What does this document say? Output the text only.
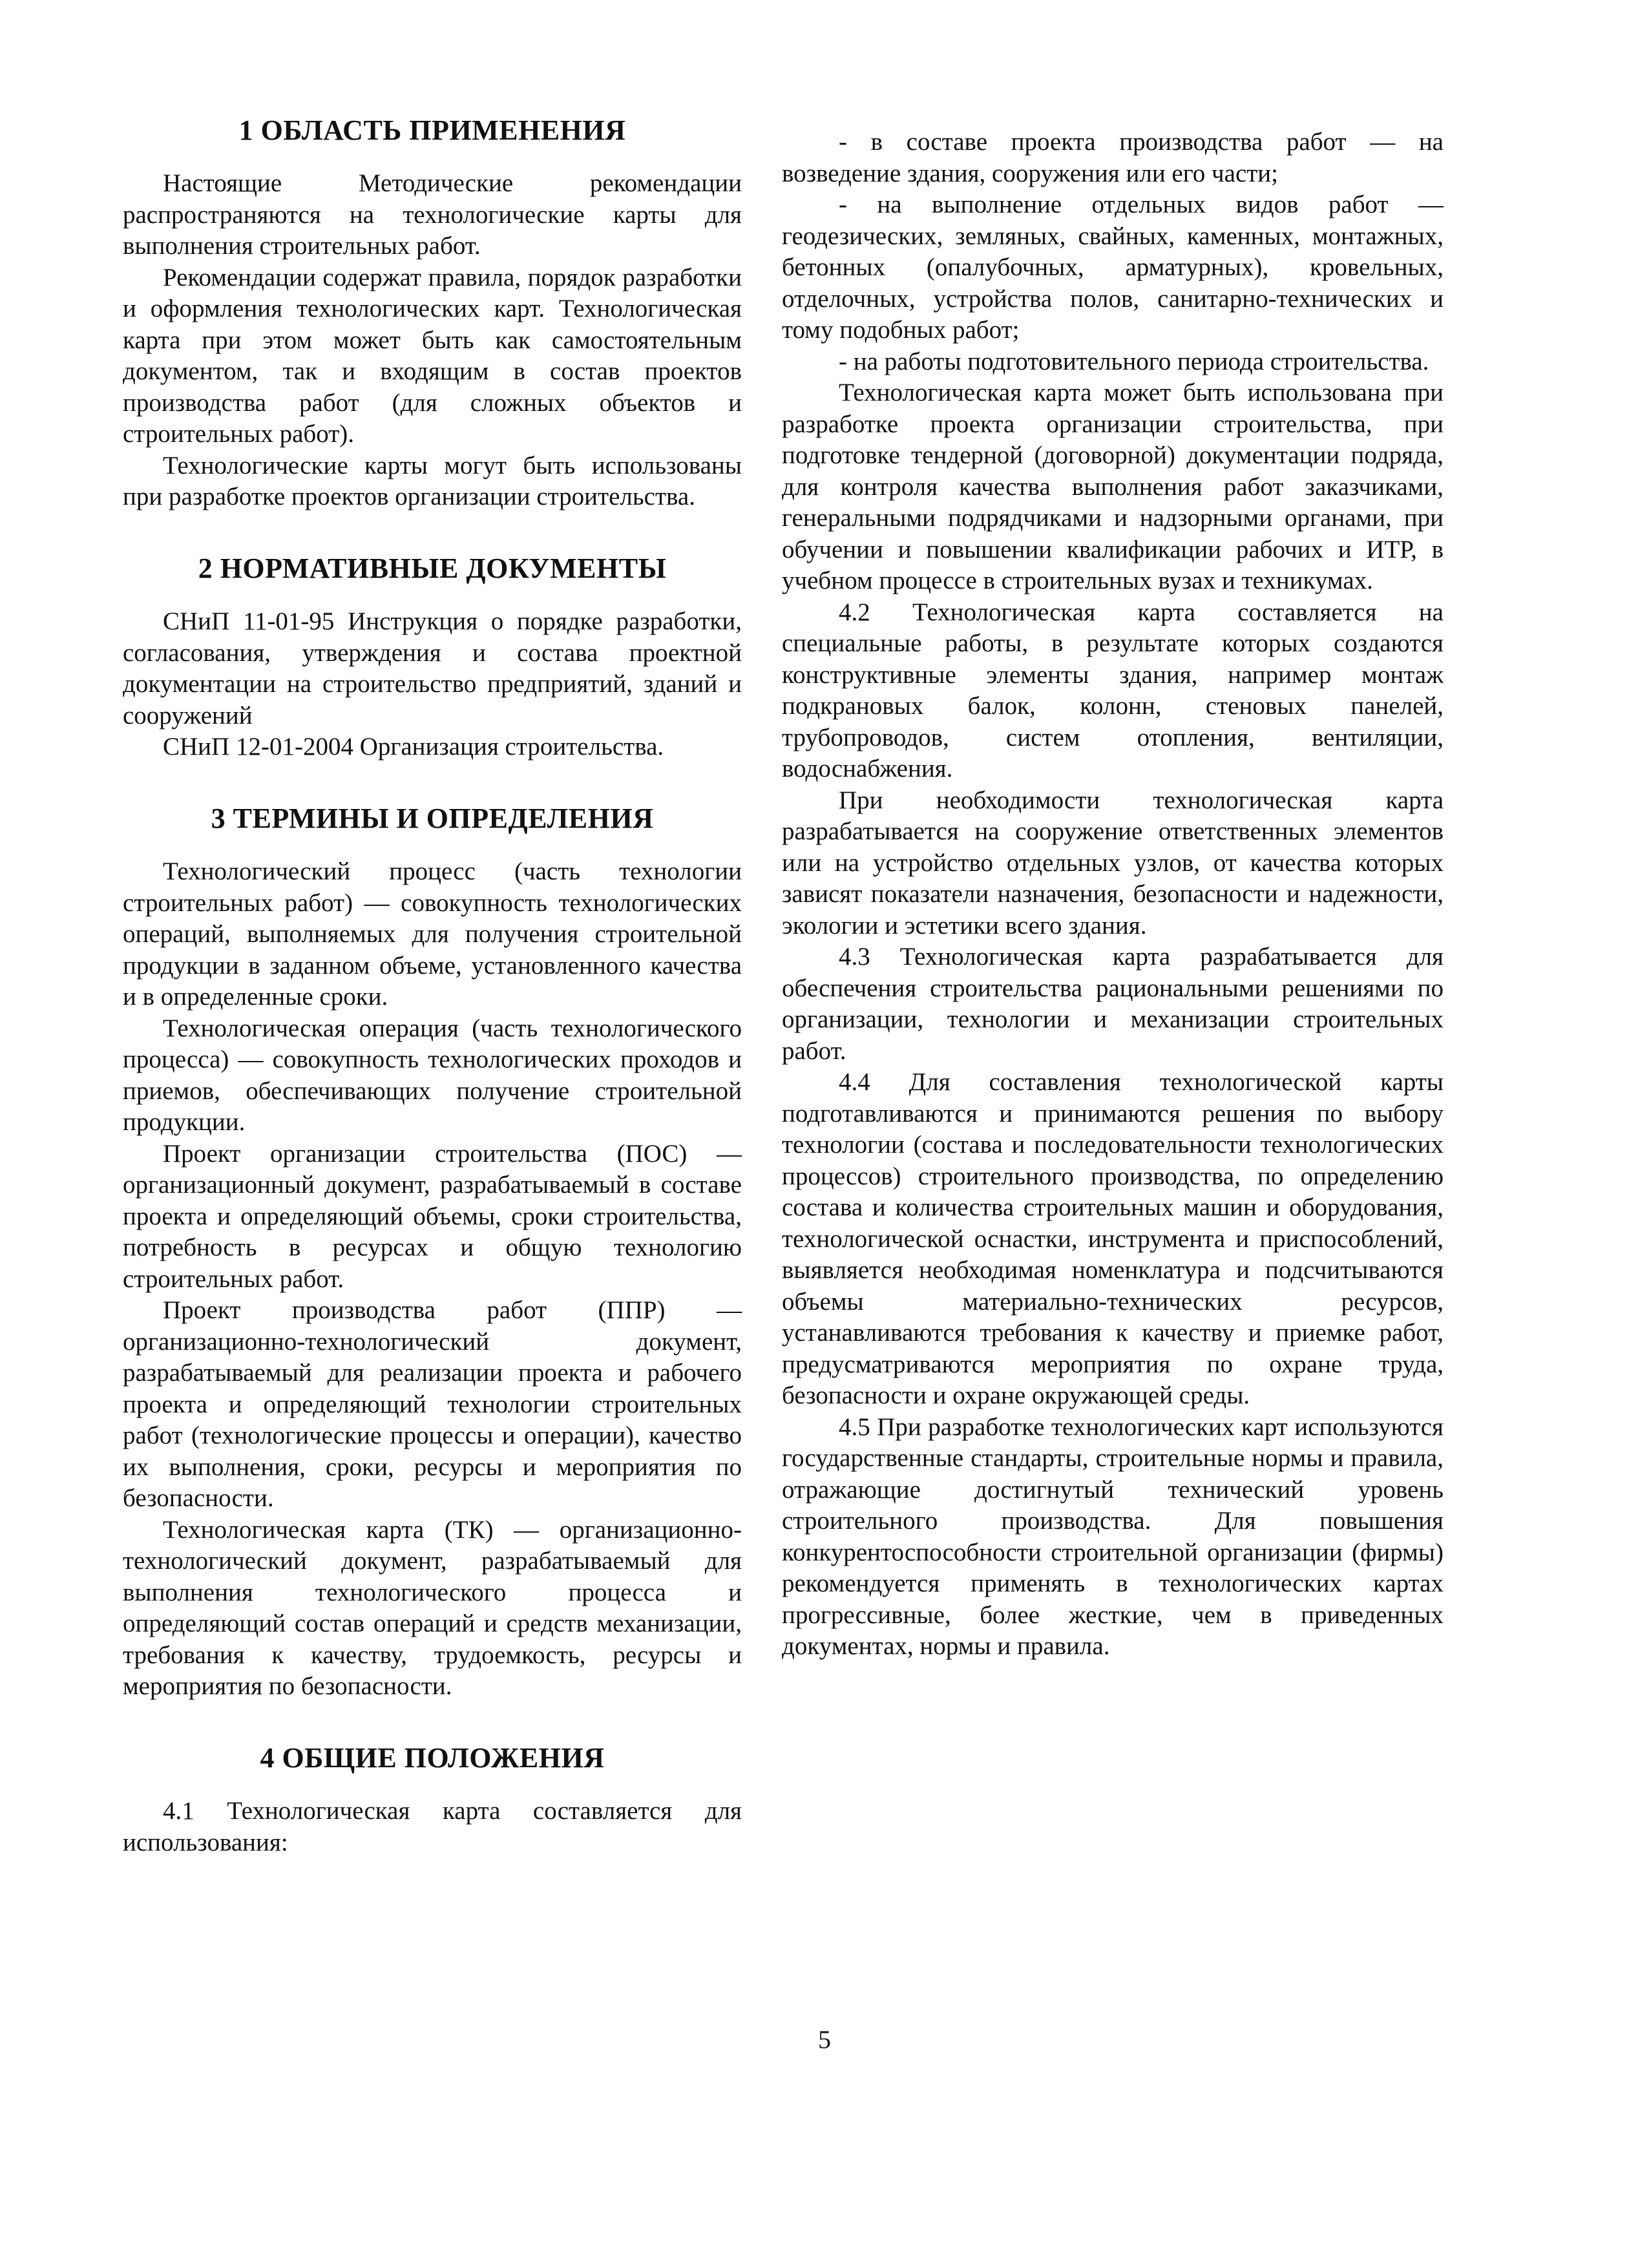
1 ОБЛАСТЬ ПРИМЕНЕНИЯ

Настоящие Методические рекомендации распространяются на технологические карты для выполнения строительных работ.

Рекомендации содержат правила, порядок разработки и оформления технологических карт. Технологическая карта при этом может быть как самостоятельным документом, так и входящим в состав проектов производства работ (для сложных объектов и строительных работ).

Технологические карты могут быть использованы при разработке проектов организации строительства.

2 НОРМАТИВНЫЕ ДОКУМЕНТЫ

СНиП 11-01-95 Инструкция о порядке разработки, согласования, утверждения и состава проектной документации на строительство предприятий, зданий и сооружений

СНиП 12-01-2004 Организация строительства.

3 ТЕРМИНЫ И ОПРЕДЕЛЕНИЯ

Технологический процесс (часть технологии строительных работ) — совокупность технологических операций, выполняемых для получения строительной продукции в заданном объеме, установленного качества и в определенные сроки.

Технологическая операция (часть технологического процесса) — совокупность технологических проходов и приемов, обеспечивающих получение строительной продукции.

Проект организации строительства (ПОС) — организационный документ, разрабатываемый в составе проекта и определяющий объемы, сроки строительства, потребность в ресурсах и общую технологию строительных работ.

Проект производства работ (ППР) — организационно-технологический документ, разрабатываемый для реализации проекта и рабочего проекта и определяющий технологии строительных работ (технологические процессы и операции), качество их выполнения, сроки, ресурсы и мероприятия по безопасности.

Технологическая карта (ТК) — организационно-технологический документ, разрабатываемый для выполнения технологического процесса и определяющий состав операций и средств механизации, требования к качеству, трудоемкость, ресурсы и мероприятия по безопасности.

4 ОБЩИЕ ПОЛОЖЕНИЯ

4.1 Технологическая карта составляется для использования:

- в составе проекта производства работ — на возведение здания, сооружения или его части;

- на выполнение отдельных видов работ — геодезических, земляных, свайных, каменных, монтажных, бетонных (опалубочных, арматурных), кровельных, отделочных, устройства полов, санитарно-технических и тому подобных работ;

- на работы подготовительного периода строительства.

Технологическая карта может быть использована при разработке проекта организации строительства, при подготовке тендерной (договорной) документации подряда, для контроля качества выполнения работ заказчиками, генеральными подрядчиками и надзорными органами, при обучении и повышении квалификации рабочих и ИТР, в учебном процессе в строительных вузах и техникумах.

4.2 Технологическая карта составляется на специальные работы, в результате которых создаются конструктивные элементы здания, например монтаж подкрановых балок, колонн, стеновых панелей, трубопроводов, систем отопления, вентиляции, водоснабжения.

При необходимости технологическая карта разрабатывается на сооружение ответственных элементов или на устройство отдельных узлов, от качества которых зависят показатели назначения, безопасности и надежности, экологии и эстетики всего здания.

4.3 Технологическая карта разрабатывается для обеспечения строительства рациональными решениями по организации, технологии и механизации строительных работ.

4.4 Для составления технологической карты подготавливаются и принимаются решения по выбору технологии (состава и последовательности технологических процессов) строительного производства, по определению состава и количества строительных машин и оборудования, технологической оснастки, инструмента и приспособлений, выявляется необходимая номенклатура и подсчитываются объемы материально-технических ресурсов, устанавливаются требования к качеству и приемке работ, предусматриваются мероприятия по охране труда, безопасности и охране окружающей среды.

4.5 При разработке технологических карт используются государственные стандарты, строительные нормы и правила, отражающие достигнутый технический уровень строительного производства. Для повышения конкурентоспособности строительной организации (фирмы) рекомендуется применять в технологических картах прогрессивные, более жесткие, чем в приведенных документах, нормы и правила.

5
